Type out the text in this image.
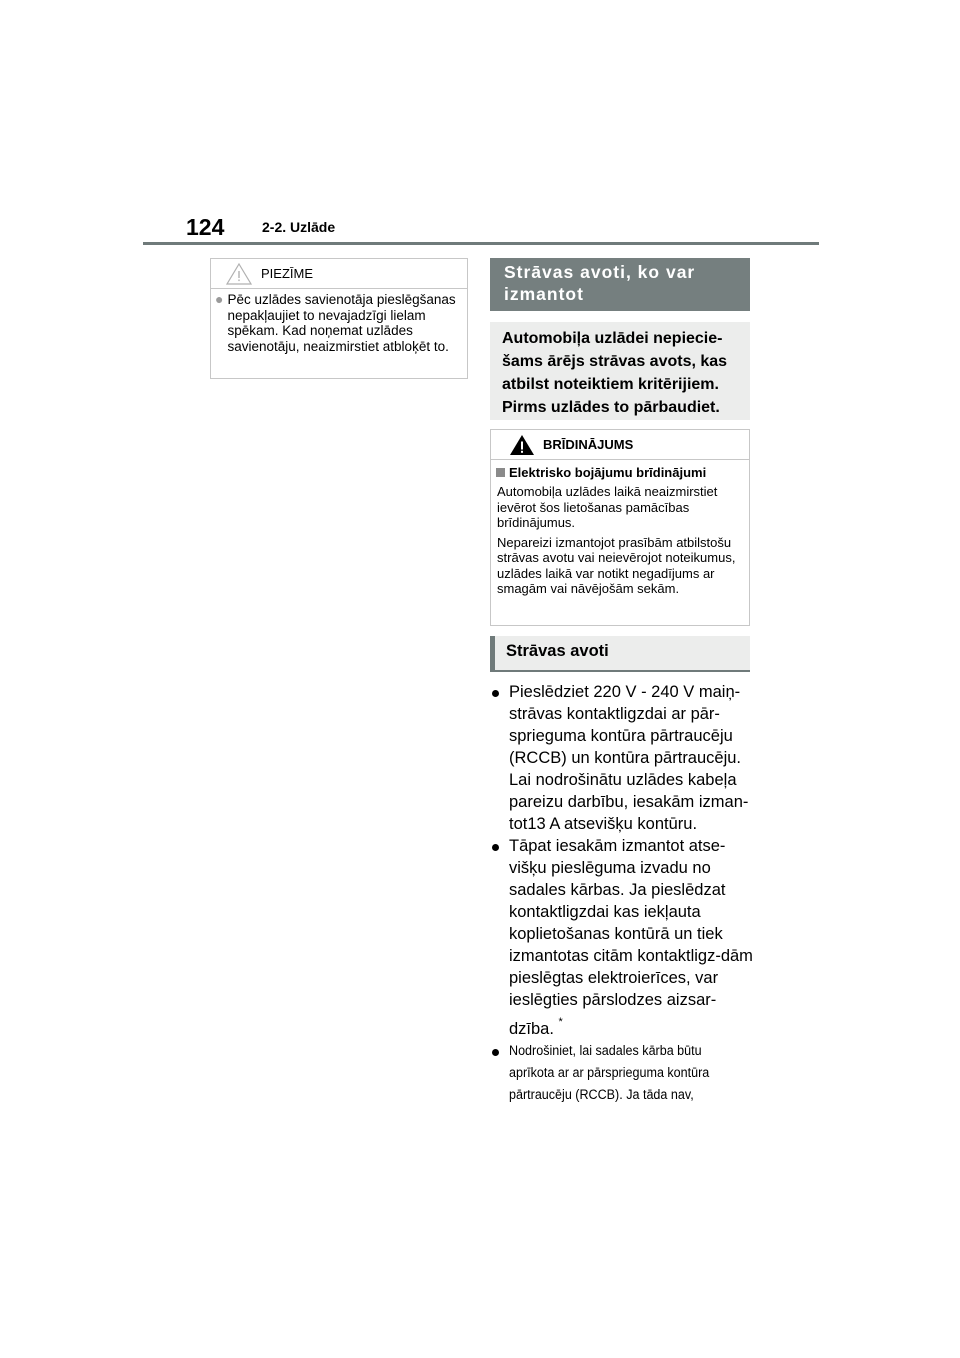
124	2-2. Uzlāde
PIEZĪME
● Pēc uzlādes savienotāja pieslēgšanas nepakļaujiet to nevajadzīgi lielam spēkam. Kad noņemat uzlādes savienotāju, neaizmirstiet atbloķēt to.
Strāvas avoti, ko var izmantot
Automobiļa uzlādei nepiecie-šams ārējs strāvas avots, kas atbilst noteiktiem kritērijiem. Pirms uzlādes to pārbaudiet.
BRĪDINĀJUMS
Elektrisko bojājumu brīdinājumi
Automobiļa uzlādes laikā neaizmirstiet ievērot šos lietošanas pamācības brīdinājumus.
Nepareizi izmantojot prasībām atbilstošu strāvas avotu vai neievērojot noteikumus, uzlādes laikā var notikt negadījums ar smagām vai nāvējošām sekām.
Strāvas avoti
Pieslēdziet 220 V - 240 V maiņ-strāvas kontaktligzdai ar pār-sprieguma kontūra pārtraucēju (RCCB) un kontūra pārtraucēju. Lai nodrošinātu uzlādes kabeļa pareizu darbību, iesakām izman-tot13 A atsevišķu kontūru.
Tāpat iesakām izmantot atse-višķu pieslēguma izvadu no sadales kārbas. Ja pieslēdzat kontaktligzdai kas iekļauta koplietošanas kontūrā un tiek izmantotas citām kontaktligz-dām pieslēgtas elektroierīces, var ieslēgties pārslodzes aizsar-dzība. *
Nodrošiniet, lai sadales kārba būtu aprīkota ar ar pārsprieguma kontūra pārtraucēju (RCCB). Ja tāda nav,
